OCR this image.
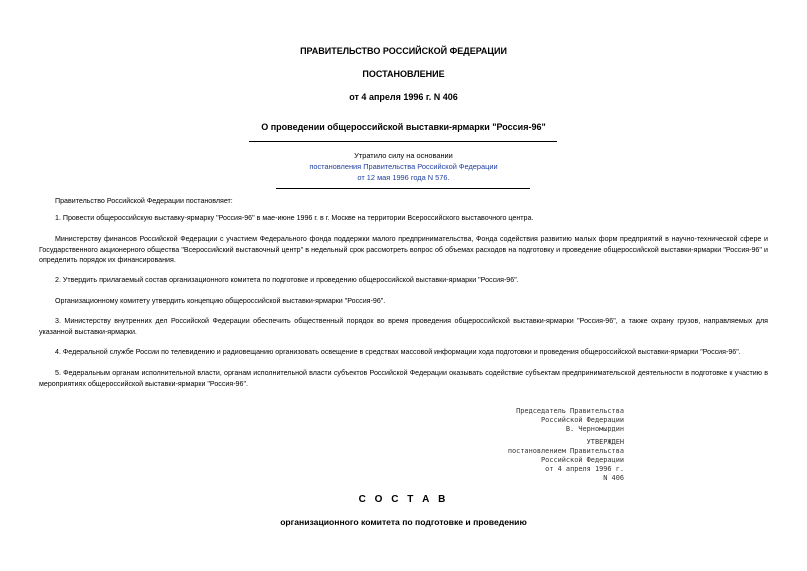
ПРАВИТЕЛЬСТВО РОССИЙСКОЙ ФЕДЕРАЦИИ
ПОСТАНОВЛЕНИЕ
от 4 апреля 1996 г. N 406
О проведении общероссийской выставки-ярмарки "Россия-96"
Утратило силу на основании
постановления Правительства Российской Федерации
от 12 мая 1996 года N 576.

Правительство Российской Федерации постановляет:

1. Провести общероссийскую выставку-ярмарку "Россия-96" в мае-июне 1996 г. в г. Москве на территории Всероссийского выставочного центра.

Министерству финансов Российской Федерации с участием Федерального фонда поддержки малого предпринимательства, Фонда содействия развитию малых форм предприятий в научно-технической сфере и Государственного акционерного общества "Всероссийский выставочный центр" в недельный срок рассмотреть вопрос об объемах расходов на подготовку и проведение общероссийской выставки-ярмарки "Россия-96" и определить порядок их финансирования.

2. Утвердить прилагаемый состав организационного комитета по подготовке и проведению общероссийской выставки-ярмарки "Россия-96".

Организационному комитету утвердить концепцию общероссийской выставки-ярмарки "Россия-96".

3. Министерству внутренних дел Российской Федерации обеспечить общественный порядок во время проведения общероссийской выставки-ярмарки "Россия-96", а также охрану грузов, направляемых для указанной выставки-ярмарки.

4. Федеральной службе России по телевидению и радиовещанию организовать освещение в средствах массовой информации хода подготовки и проведения общероссийской выставки-ярмарки "Россия-96".

5. Федеральным органам исполнительной власти, органам исполнительной власти субъектов Российской Федерации оказывать содействие субъектам предпринимательской деятельности в подготовке к участию в мероприятиях общероссийской выставки-ярмарки "Россия-96".

Председатель Правительства
Российской Федерации
В. Черномырдин
УТВЕРЖДЕН
постановлением Правительства
Российской Федерации
от 4 апреля 1996 г.
N 406
С О С Т А В
организационного комитета по подготовке и проведению
